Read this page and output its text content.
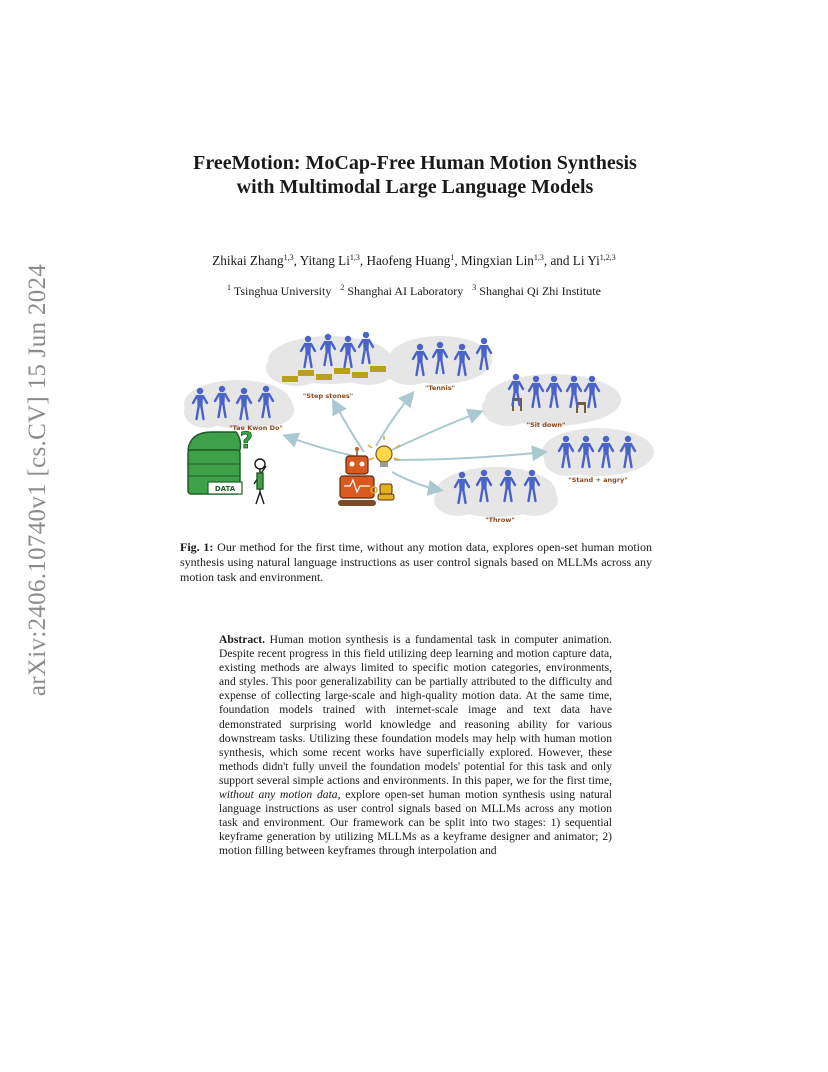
arXiv:2406.10740v1 [cs.CV] 15 Jun 2024
FreeMotion: MoCap-Free Human Motion Synthesis with Multimodal Large Language Models
Zhikai Zhang$^{1,3}$, Yitang Li$^{1,3}$, Haofeng Huang$^1$, Mingxian Lin$^{1,3}$, and Li Yi$^{1,2,3}$
$^1$ Tsinghua University $^2$ Shanghai AI Laboratory $^3$ Shanghai Qi Zhi Institute
"Step stones"
"Tennis"
"Tae Kwon Do"	"Sit down"
"Stand + angry"
"Throw"
DATA
?
Fig. 1: Our method for the first time, without any motion data, explores open-set human motion synthesis using natural language instructions as user control signals based on MLLMs across any motion task and environment.
Abstract. Human motion synthesis is a fundamental task in computer animation. Despite recent progress in this field utilizing deep learning and motion capture data, existing methods are always limited to specific motion categories, environments, and styles. This poor generalizability can be partially attributed to the difficulty and expense of collecting large-scale and high-quality motion data. At the same time, foundation models trained with internet-scale image and text data have demonstrated surprising world knowledge and reasoning ability for various downstream tasks. Utilizing these foundation models may help with human motion synthesis, which some recent works have superficially explored. However, these methods didn't fully unveil the foundation models' potential for this task and only support several simple actions and environments. In this paper, we for the first time, without any motion data, explore open-set human motion synthesis using natural language instructions as user control signals based on MLLMs across any motion task and environment. Our framework can be split into two stages: 1) sequential keyframe generation by utilizing MLLMs as a keyframe designer and animator; 2) motion filling between keyframes through interpolation and
